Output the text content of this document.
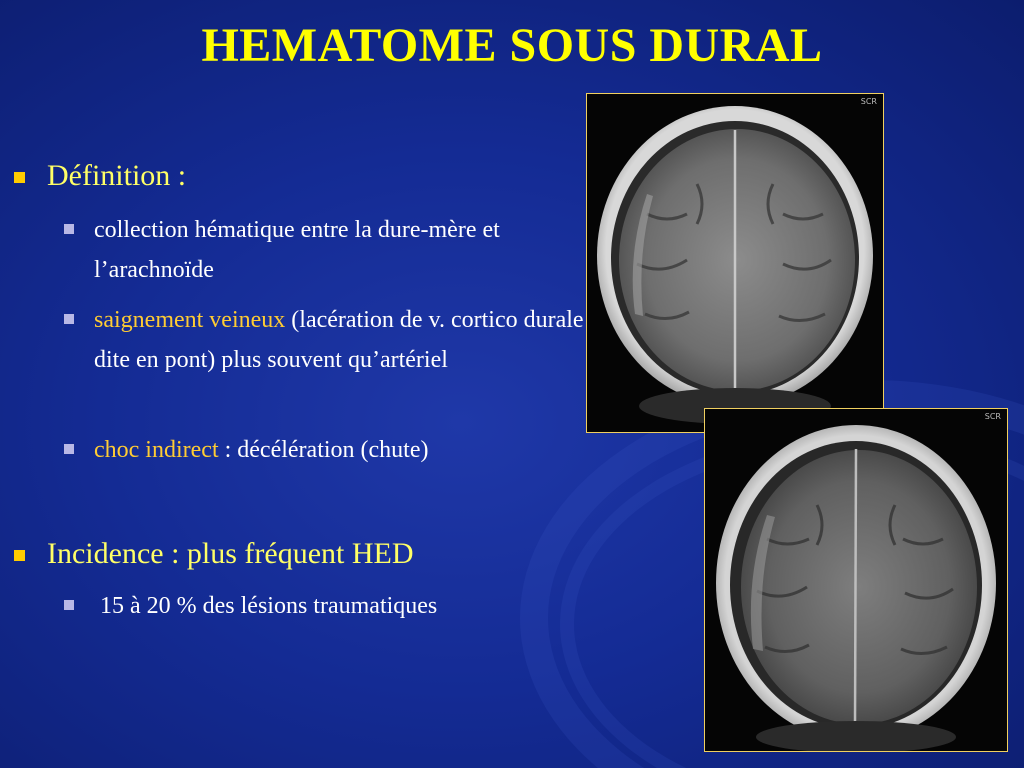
HEMATOME SOUS DURAL
Définition :
collection hématique entre la dure-mère et l’arachnoïde
saignement veineux (lacération de v. cortico durale dite en pont) plus souvent qu’artériel
choc indirect : décélération (chute)
Incidence : plus fréquent HED
15 à 20 % des lésions traumatiques
SCR
SCR
